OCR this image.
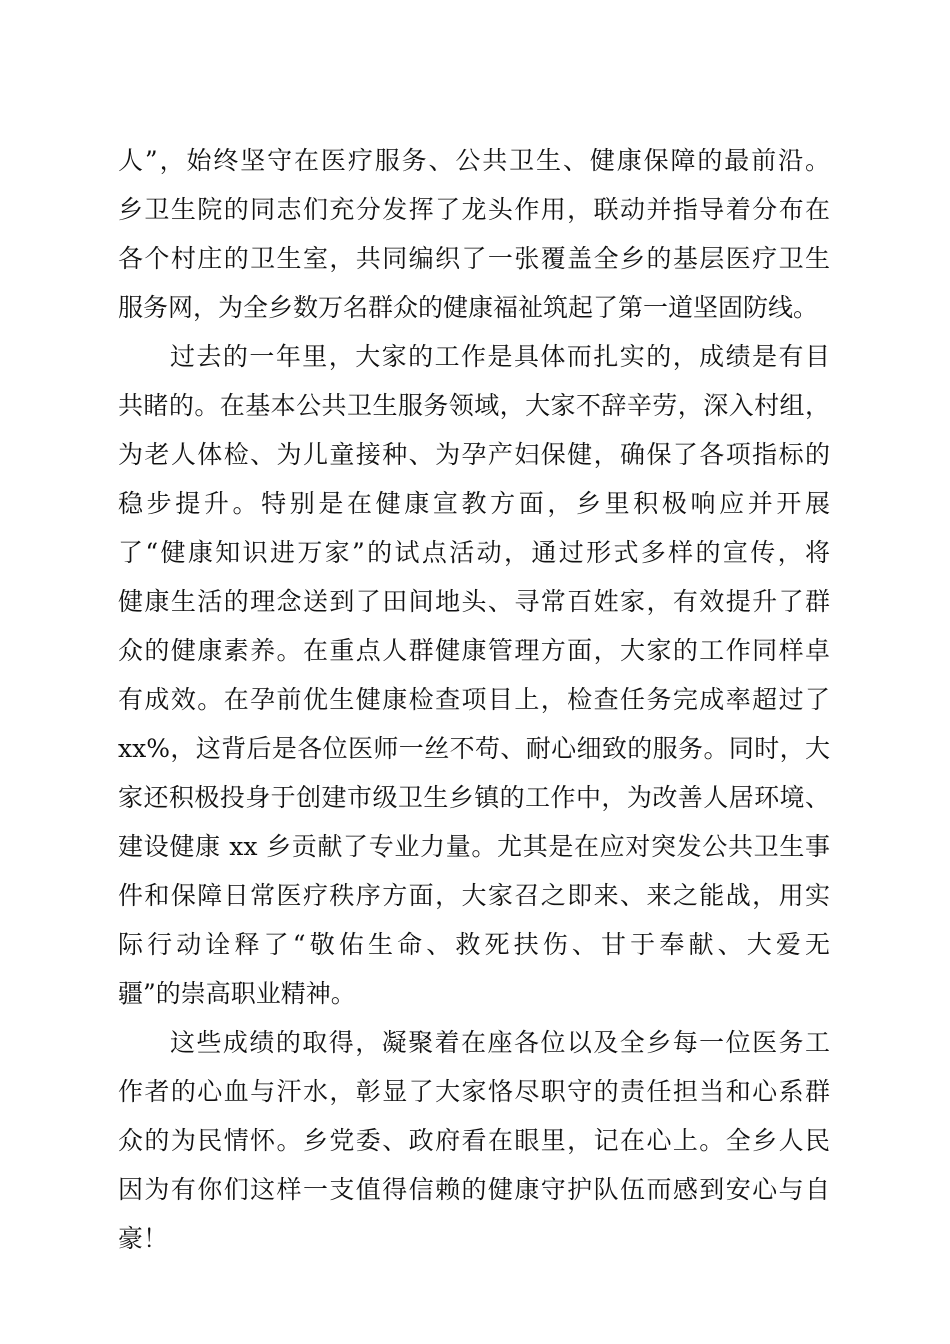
人”，始终坚守在医疗服务、公共卫生、健康保障的最前沿。
乡卫生院的同志们充分发挥了龙头作用，联动并指导着分布在
各个村庄的卫生室，共同编织了一张覆盖全乡的基层医疗卫生
服务网，为全乡数万名群众的健康福祉筑起了第一道坚固防线。
过去的一年里，大家的工作是具体而扎实的，成绩是有目
共睹的。在基本公共卫生服务领域，大家不辞辛劳，深入村组，
为老人体检、为儿童接种、为孕产妇保健，确保了各项指标的
稳步提升。特别是在健康宣教方面，乡里积极响应并开展
了“健康知识进万家”的试点活动，通过形式多样的宣传，将
健康生活的理念送到了田间地头、寻常百姓家，有效提升了群
众的健康素养。在重点人群健康管理方面，大家的工作同样卓
有成效。在孕前优生健康检查项目上，检查任务完成率超过了
xx%，这背后是各位医师一丝不苟、耐心细致的服务。同时，大
家还积极投身于创建市级卫生乡镇的工作中，为改善人居环境、
建设健康 xx 乡贡献了专业力量。尤其是在应对突发公共卫生事
件和保障日常医疗秩序方面，大家召之即来、来之能战，用实
际行动诠释了“敬佑生命、救死扶伤、甘于奉献、大爱无
疆”的崇高职业精神。
这些成绩的取得，凝聚着在座各位以及全乡每一位医务工
作者的心血与汗水，彰显了大家恪尽职守的责任担当和心系群
众的为民情怀。乡党委、政府看在眼里，记在心上。全乡人民
因为有你们这样一支值得信赖的健康守护队伍而感到安心与自
豪！
